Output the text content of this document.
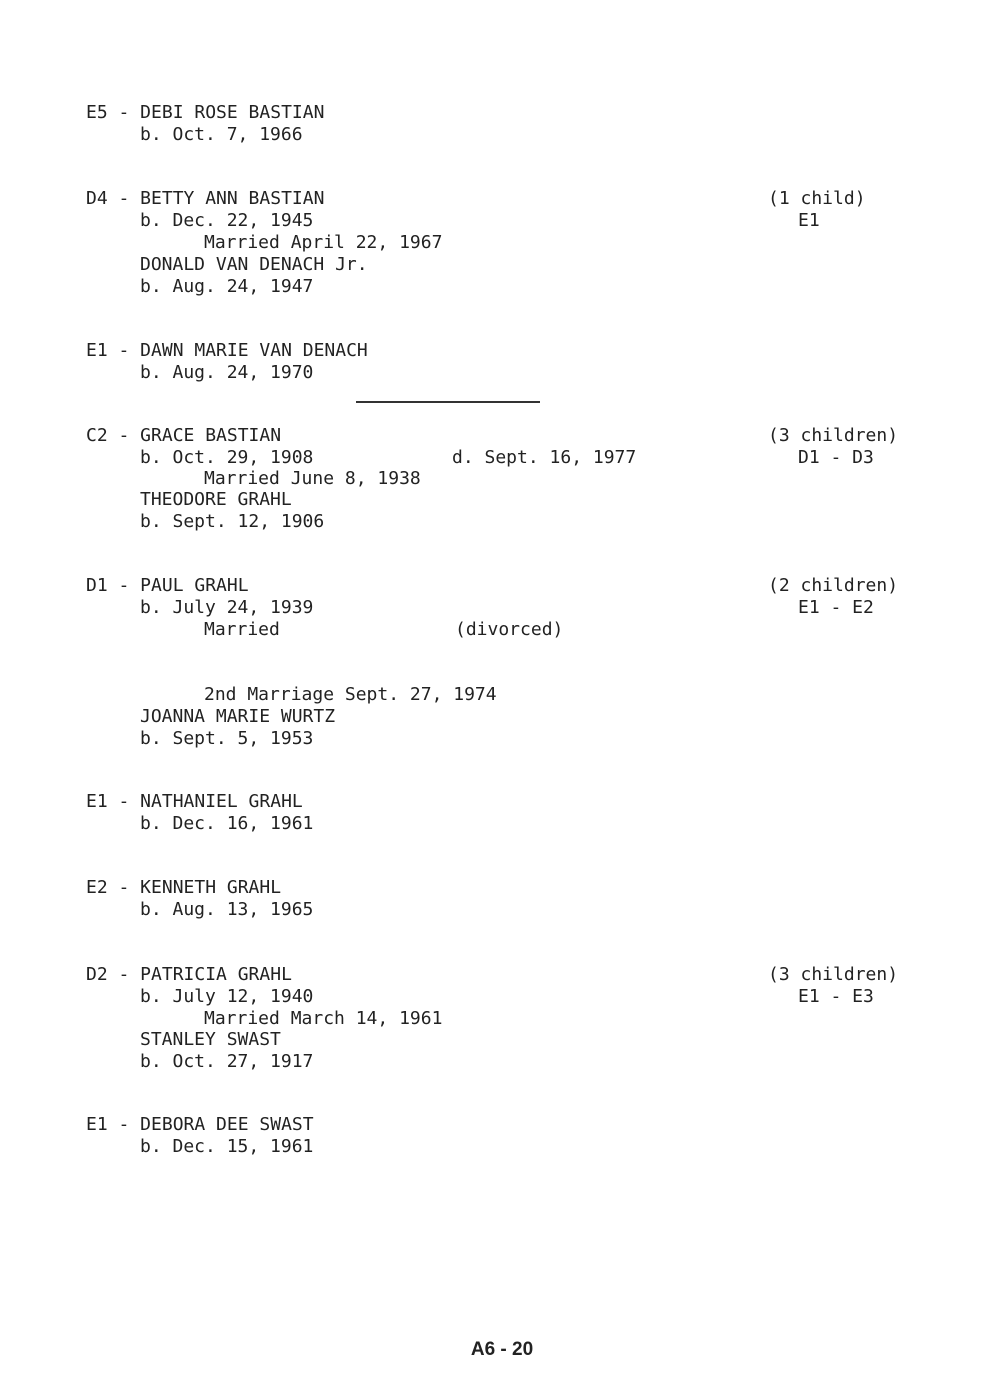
E5 - DEBI ROSE BASTIAN
b. Oct. 7, 1966
D4 - BETTY ANN BASTIAN
b. Dec. 22, 1945
Married April 22, 1967
DONALD VAN DENACH Jr.
b. Aug. 24, 1947
(1 child)
E1
E1 - DAWN MARIE VAN DENACH
b. Aug. 24, 1970
C2 - GRACE BASTIAN
b. Oct. 29, 1908	d. Sept. 16, 1977
Married June 8, 1938
THEODORE GRAHL
b. Sept. 12, 1906
(3 children)
D1 - D3
D1 - PAUL GRAHL
b. July 24, 1939
Married	(divorced)
(2 children)
E1 - E2
2nd Marriage Sept. 27, 1974
JOANNA MARIE WURTZ
b. Sept. 5, 1953
E1 - NATHANIEL GRAHL
b. Dec. 16, 1961
E2 - KENNETH GRAHL
b. Aug. 13, 1965
D2 - PATRICIA GRAHL
b. July 12, 1940
Married March 14, 1961
STANLEY SWAST
b. Oct. 27, 1917
(3 children)
E1 - E3
E1 - DEBORA DEE SWAST
b. Dec. 15, 1961
A6 - 20
